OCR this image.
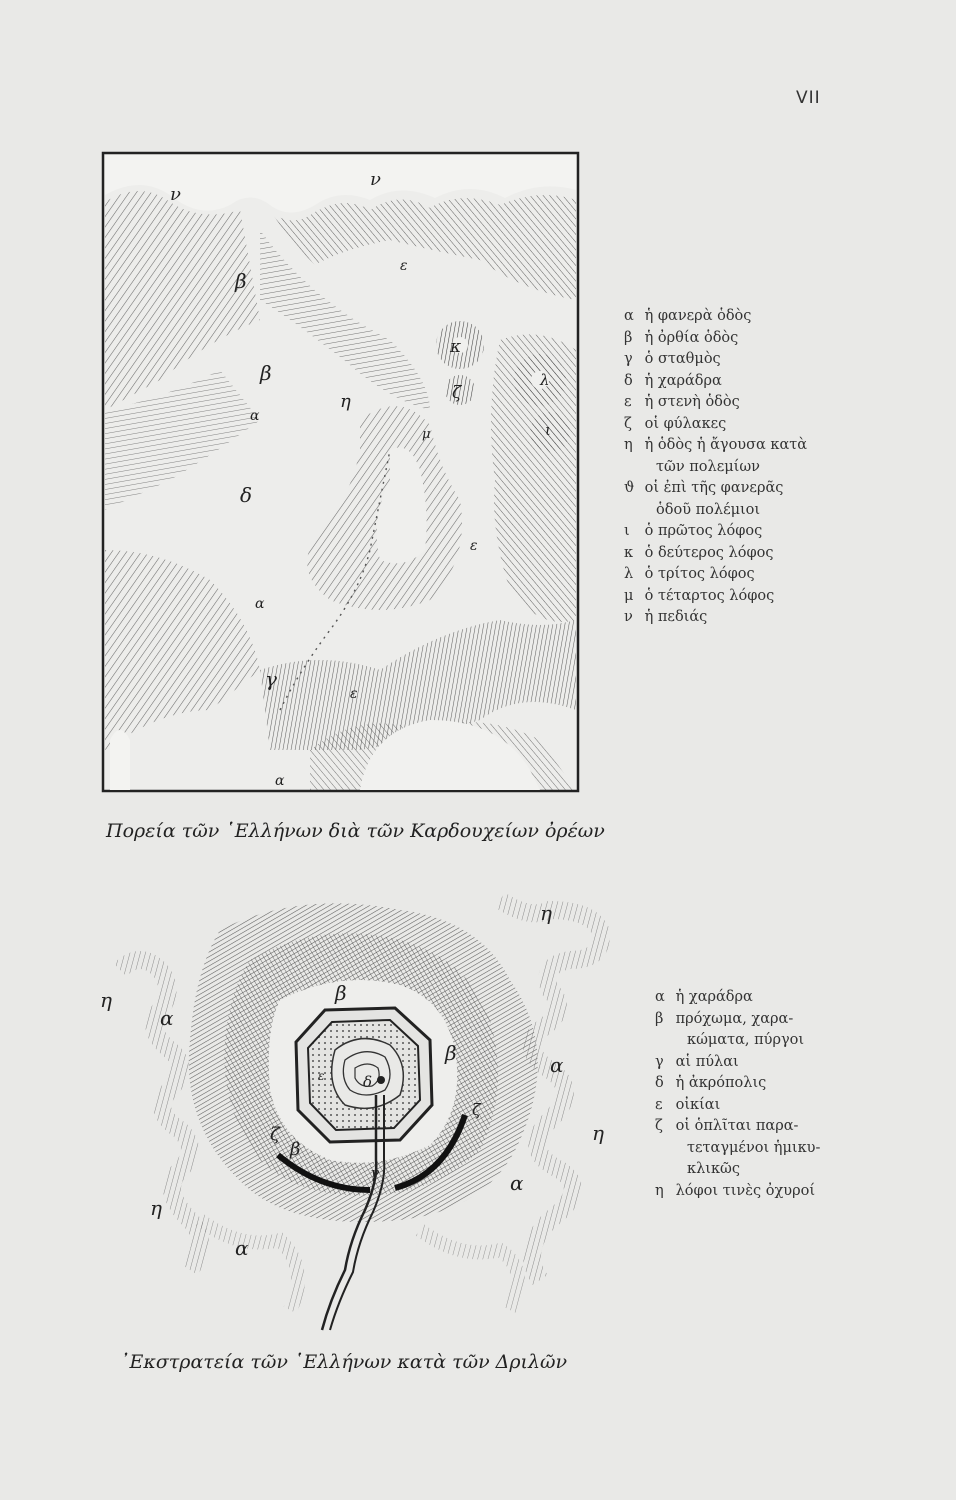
VII
ν
ν
β
ε
κ
ζ
λ
ι
β
η
α
μ
δ
ε
α
γ
ε
α
α ἡ φανερὰ ὁδὸς
β ἡ ὀρθία ὁδὸς
γ ὁ σταθμὸς
δ ἡ χαράδρα
ε ἡ στενὴ ὁδὸς
ζ οἱ φύλακες
η ἡ ὁδὸς ἡ ἄγουσα κατὰ
τῶν πολεμίων
ϑ οἱ ἐπὶ τῆς φανερᾶς
ὁδοῦ πολέμιοι
ι ὁ πρῶτος λόφος
κ ὁ δεύτερος λόφος
λ ὁ τρίτος λόφος
μ ὁ τέταρτος λόφος
ν ἡ πεδιάς
Πορεία τῶν ῾Ελλήνων διὰ τῶν Καρδουχείων ὀρέων
η
η
α
β
β	α
η
α
η
α
ζ
β
ζ
γ
δ
ε
α ἡ χαράδρα
β πρόχωμα, χαρα-
κώματα, πύργοι
γ αἱ πύλαι
δ ἡ ἀκρόπολις
ε οἰκίαι
ζ οἱ ὁπλῖται παρα-
τεταγμένοι ἡμικυ-
κλικῶς
η λόφοι τινὲς ὀχυροί
᾿Εκστρατεία τῶν ῾Ελλήνων κατὰ τῶν Δριλῶν
